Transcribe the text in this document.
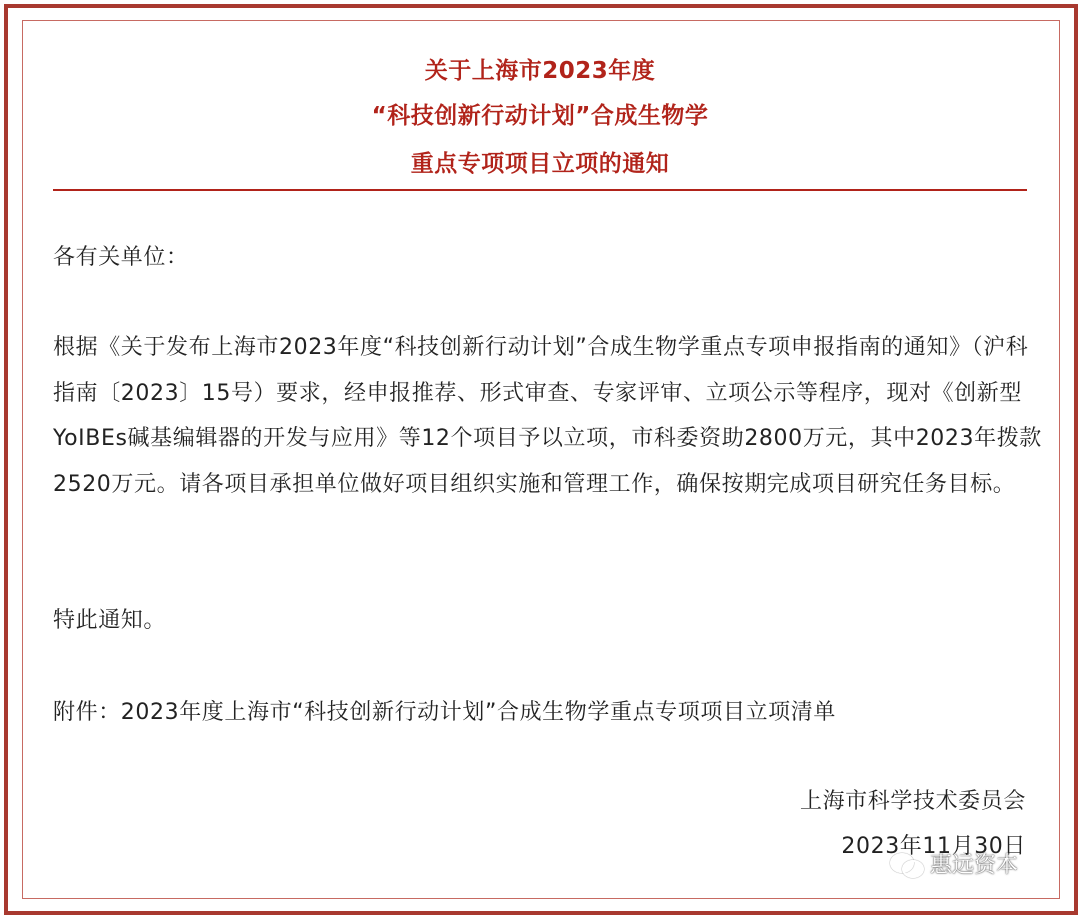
关于上海市2023年度
“科技创新行动计划”合成生物学
重点专项项目立项的通知
各有关单位：
根据《关于发布上海市2023年度“科技创新行动计划”合成生物学重点专项申报指南的通知》（沪科指南〔2023〕15号）要求，经申报推荐、形式审查、专家评审、立项公示等程序，现对《创新型YoIBEs碱基编辑器的开发与应用》等12个项目予以立项，市科委资助2800万元，其中2023年拨款2520万元。请各项目承担单位做好项目组织实施和管理工作，确保按期完成项目研究任务目标。
特此通知。
附件：2023年度上海市“科技创新行动计划”合成生物学重点专项项目立项清单
上海市科学技术委员会
2023年11月30日
惠远资本
